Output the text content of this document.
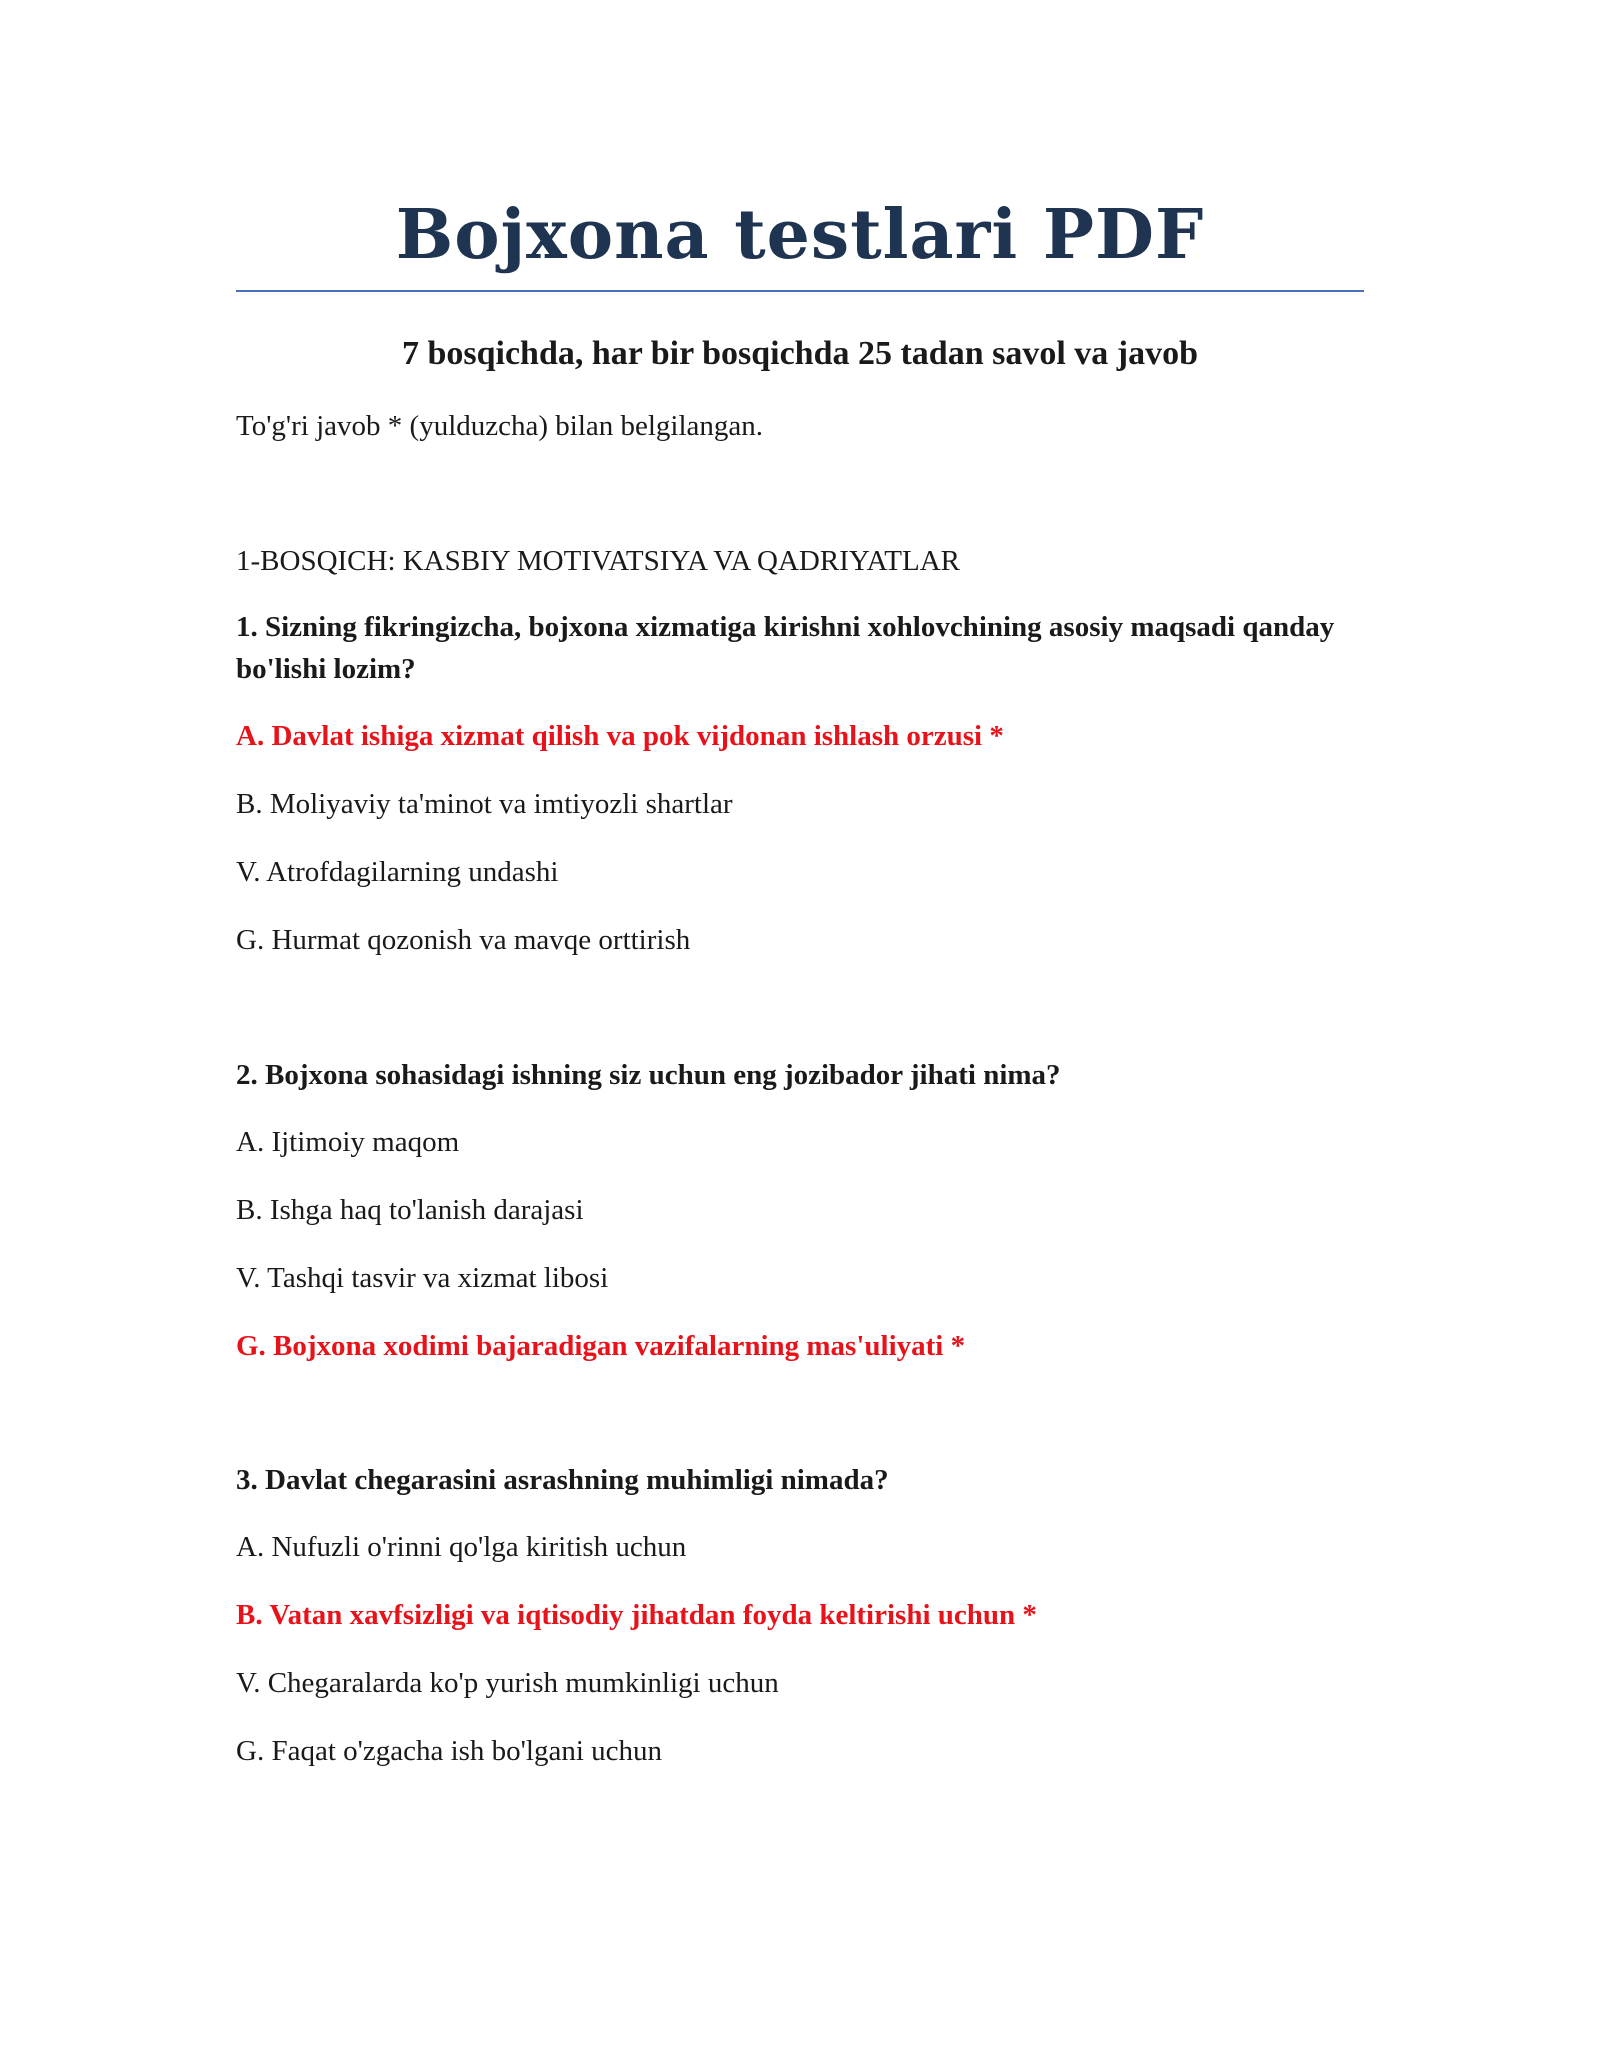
Bojxona testlari PDF
7 bosqichda, har bir bosqichda 25 tadan savol va javob

To'g'ri javob * (yulduzcha) bilan belgilangan.

1-BOSQICH: KASBIY MOTIVATSIYA VA QADRIYATLAR

1. Sizning fikringizcha, bojxona xizmatiga kirishni xohlovchining asosiy maqsadi qanday bo'lishi lozim?

A. Davlat ishiga xizmat qilish va pok vijdonan ishlash orzusi *

B. Moliyaviy ta'minot va imtiyozli shartlar

V. Atrofdagilarning undashi

G. Hurmat qozonish va mavqe orttirish

2. Bojxona sohasidagi ishning siz uchun eng jozibador jihati nima?

A. Ijtimoiy maqom

B. Ishga haq to'lanish darajasi

V. Tashqi tasvir va xizmat libosi

G. Bojxona xodimi bajaradigan vazifalarning mas'uliyati *

3. Davlat chegarasini asrashning muhimligi nimada?

A. Nufuzli o'rinni qo'lga kiritish uchun

B. Vatan xavfsizligi va iqtisodiy jihatdan foyda keltirishi uchun *

V. Chegaralarda ko'p yurish mumkinligi uchun

G. Faqat o'zgacha ish bo'lgani uchun
